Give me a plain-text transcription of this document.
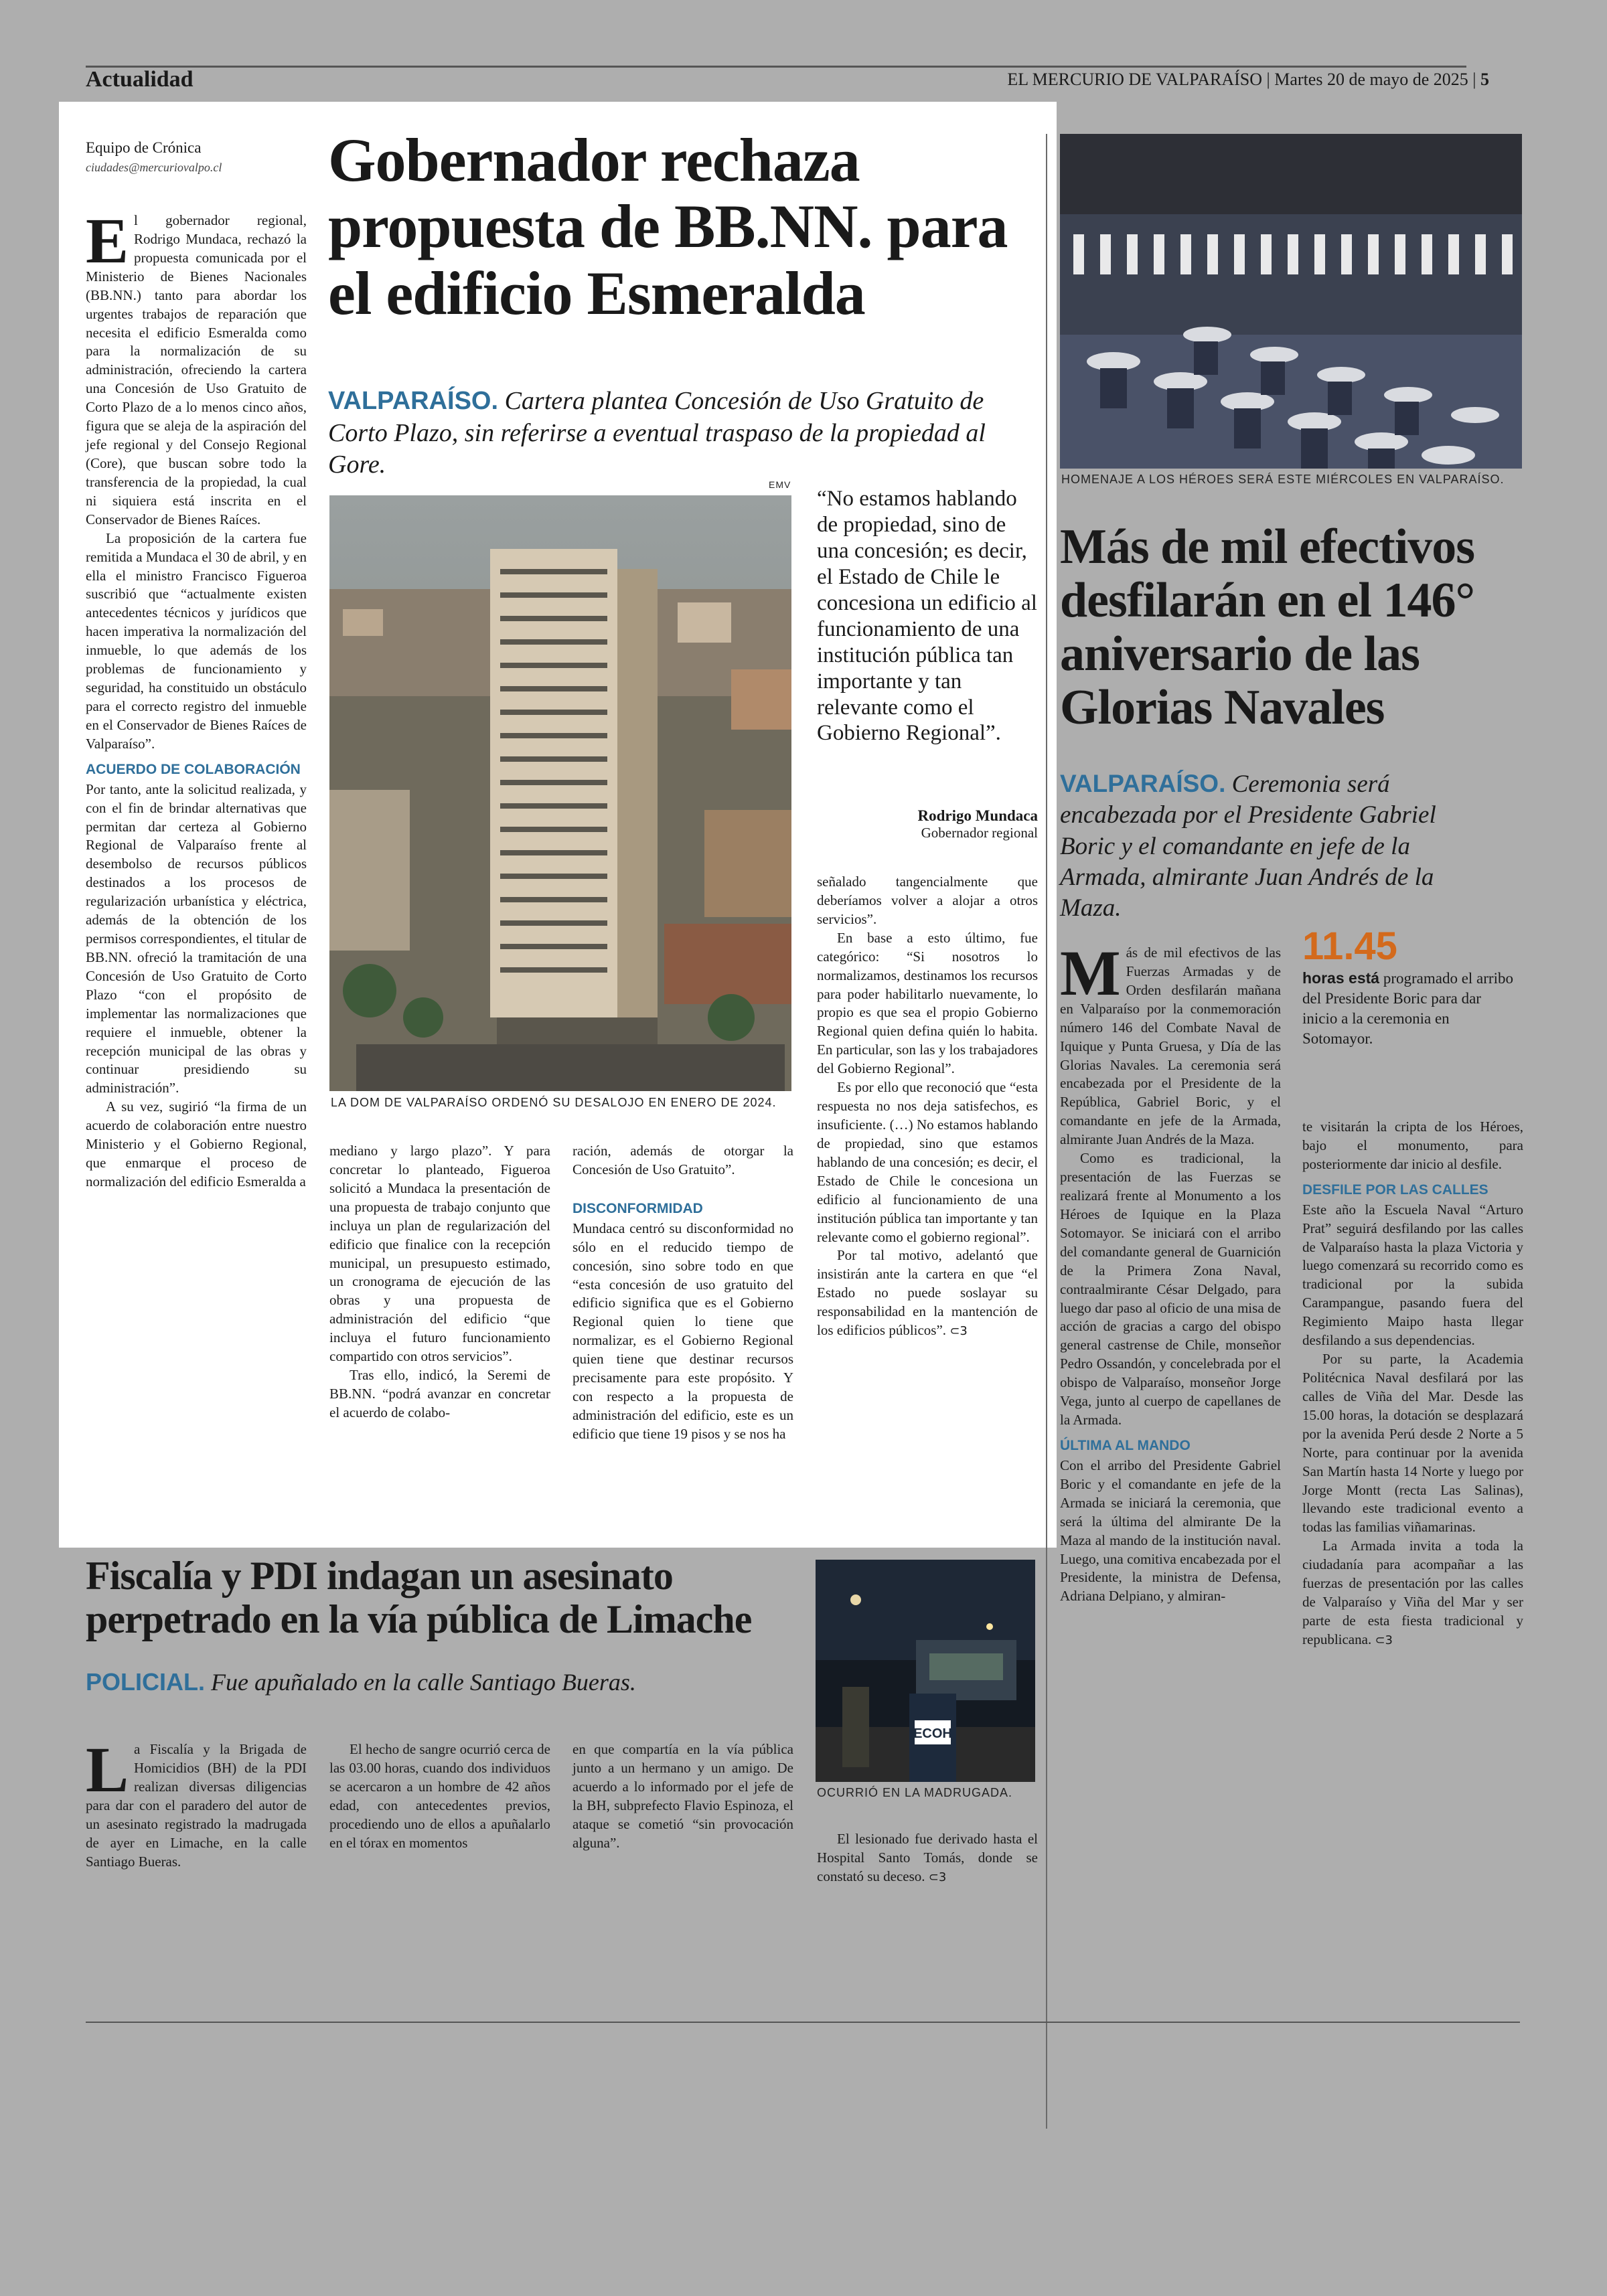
Actualidad	EL MERCURIO DE VALPARAÍSO | Martes 20 de mayo de 2025 | 5
Equipo de Crónica
ciudades@mercuriovalpo.cl	Gobernador rechaza propuesta de BB.NN. para el edificio Esmeralda
VALPARAÍSO. Cartera plantea Concesión de Uso Gratuito de Corto Plazo, sin referirse a eventual traspaso de la propiedad al Gore.
E l gobernador regional, Rodrigo Mundaca, rechazó la propuesta comunicada por el Ministerio de Bienes Nacionales (BB.NN.) tanto para abordar los urgentes trabajos de reparación que necesita el edificio Esmeralda como para la normalización de su administración, ofreciendo la cartera una Concesión de Uso Gratuito de Corto Plazo de a lo menos cinco años, figura que se aleja de la aspiración del jefe regional y del Consejo Regional (Core), que buscan sobre todo la transferencia de la propiedad, la cual ni siquiera está inscrita en el Conservador de Bienes Raíces.

La proposición de la cartera fue remitida a Mundaca el 30 de abril, y en ella el ministro Francisco Figueroa suscribió que “actualmente existen antecedentes técnicos y jurídicos que hacen imperativa la normalización del inmueble, lo que además de los problemas de funcionamiento y seguridad, ha constituido un obstáculo para el correcto registro del inmueble en el Conservador de Bienes Raíces de Valparaíso”.

ACUERDO DE COLABORACIÓN

Por tanto, ante la solicitud realizada, y con el fin de brindar alternativas que permitan dar certeza al Gobierno Regional de Valparaíso frente al desembolso de recursos públicos destinados a los procesos de regularización urbanística y eléctrica, además de la obtención de los permisos correspondientes, el titular de BB.NN. ofreció la tramitación de una Concesión de Uso Gratuito de Corto Plazo “con el propósito de implementar las normalizaciones que requiere el inmueble, obtener la recepción municipal de las obras y continuar presidiendo su administración”.

A su vez, sugirió “la firma de un acuerdo de colaboración entre nuestro Ministerio y el Gobierno Regional, que enmarque el proceso de normalización del edificio Esmeralda a

EMV
LA DOM DE VALPARAÍSO ORDENÓ SU DESALOJO EN ENERO DE 2024.
“No estamos hablando de propiedad, sino de una concesión; es decir, el Estado de Chile le concesiona un edificio al funcionamiento de una institución pública tan importante y tan relevante como el Gobierno Regional”.
Rodrigo Mundaca
Gobernador regional

mediano y largo plazo”. Y para concretar lo planteado, Figueroa solicitó a Mundaca la presentación de una propuesta de trabajo conjunto que incluya un plan de regularización del edificio que finalice con la recepción municipal, un presupuesto estimado, un cronograma de ejecución de las obras y una propuesta de administración del edificio “que incluya el futuro funcionamiento compartido con otros servicios”.

Tras ello, indicó, la Seremi de BB.NN. “podrá avanzar en concretar el acuerdo de colabo-

ración, además de otorgar la Concesión de Uso Gratuito”.

DISCONFORMIDAD

Mundaca centró su disconformidad no sólo en el reducido tiempo de concesión, sino sobre todo en que “esta concesión de uso gratuito del edificio significa que es el Gobierno Regional quien lo tiene que normalizar, es el Gobierno Regional quien tiene que destinar recursos precisamente para este propósito. Y con respecto a la propuesta de administración del edificio, este es un edificio que tiene 19 pisos y se nos ha

señalado tangencialmente que deberíamos volver a alojar a otros servicios”.

En base a esto último, fue categórico: “Si nosotros lo normalizamos, destinamos los recursos para poder habilitarlo nuevamente, lo propio es que sea el propio Gobierno Regional quien defina quién lo habita. En particular, son las y los trabajadores del Gobierno Regional”.

Es por ello que reconoció que “esta respuesta no nos deja satisfechos, es insuficiente. (…) No estamos hablando de propiedad, sino que estamos hablando de una concesión; es decir, el Estado de Chile le concesiona un edificio al funcionamiento de una institución pública tan importante y tan relevante como el gobierno regional”.

Por tal motivo, adelantó que insistirán ante la cartera en que “el Estado no puede soslayar su responsabilidad en la mantención de los edificios públicos”. ⊂3

HOMENAJE A LOS HÉROES SERÁ ESTE MIÉRCOLES EN VALPARAÍSO.
Más de mil efectivos desfilarán en el 146° aniversario de las Glorias Navales
VALPARAÍSO. Ceremonia será encabezada por el Presidente Gabriel Boric y el comandante en jefe de la Armada, almirante Juan Andrés de la Maza.
M ás de mil efectivos de las Fuerzas Armadas y de Orden desfilarán mañana en Valparaíso por la conmemoración número 146 del Combate Naval de Iquique y Punta Gruesa, y Día de las Glorias Navales. La ceremonia será encabezada por el Presidente de la República, Gabriel Boric, y el comandante en jefe de la Armada, almirante Juan Andrés de la Maza.

Como es tradicional, la presentación de las Fuerzas se realizará frente al Monumento a los Héroes de Iquique en la Plaza Sotomayor. Se iniciará con el arribo del comandante general de Guarnición de la Primera Zona Naval, contraalmirante César Delgado, para luego dar paso al oficio de una misa de acción de gracias a cargo del obispo general castrense de Chile, monseñor Pedro Ossandón, y concelebrada por el obispo de Valparaíso, monseñor Jorge Vega, junto al cuerpo de capellanes de la Armada.

ÚLTIMA AL MANDO

Con el arribo del Presidente Gabriel Boric y el comandante en jefe de la Armada se iniciará la ceremonia, que será la última del almirante De la Maza al mando de la institución naval. Luego, una comitiva encabezada por el Presidente, la ministra de Defensa, Adriana Delpiano, y almiran-

11.45
horas está programado el arribo del Presidente Boric para dar inicio a la ceremonia en Sotomayor.

te visitarán la cripta de los Héroes, bajo el monumento, para posteriormente dar inicio al desfile.

DESFILE POR LAS CALLES

Este año la Escuela Naval “Arturo Prat” seguirá desfilando por las calles de Valparaíso hasta la plaza Victoria y luego comenzará su recorrido como es tradicional por la subida Carampangue, pasando fuera del Regimiento Maipo hasta llegar desfilando a sus dependencias.

Por su parte, la Academia Politécnica Naval desfilará por las calles de Viña del Mar. Desde las 15.00 horas, la dotación se desplazará por la avenida Perú desde 2 Norte a 5 Norte, para continuar por la avenida San Martín hasta 14 Norte y luego por Jorge Montt (recta Las Salinas), llevando este tradicional evento a todas las familias viñamarinas.

La Armada invita a toda la ciudadanía para acompañar a las fuerzas de presentación por las calles de Valparaíso y Viña del Mar y ser parte de esta fiesta tradicional y republicana. ⊂3

Fiscalía y PDI indagan un asesinato perpetrado en la vía pública de Limache
POLICIAL. Fue apuñalado en la calle Santiago Bueras.
L a Fiscalía y la Brigada de Homicidios (BH) de la PDI realizan diversas diligencias para dar con el paradero del autor de un asesinato registrado la madrugada de ayer en Limache, en la calle Santiago Bueras.

El hecho de sangre ocurrió cerca de las 03.00 horas, cuando dos individuos se acercaron a un hombre de 42 años edad, con antecedentes previos, procediendo uno de ellos a apuñalarlo en el tórax en momentos

en que compartía en la vía pública junto a un hermano y un amigo. De acuerdo a lo informado por el jefe de la BH, subprefecto Flavio Espinoza, el ataque se cometió “sin provocación alguna”.

ECOH
OCURRIÓ EN LA MADRUGADA.

El lesionado fue derivado hasta el Hospital Santo Tomás, donde se constató su deceso. ⊂3
